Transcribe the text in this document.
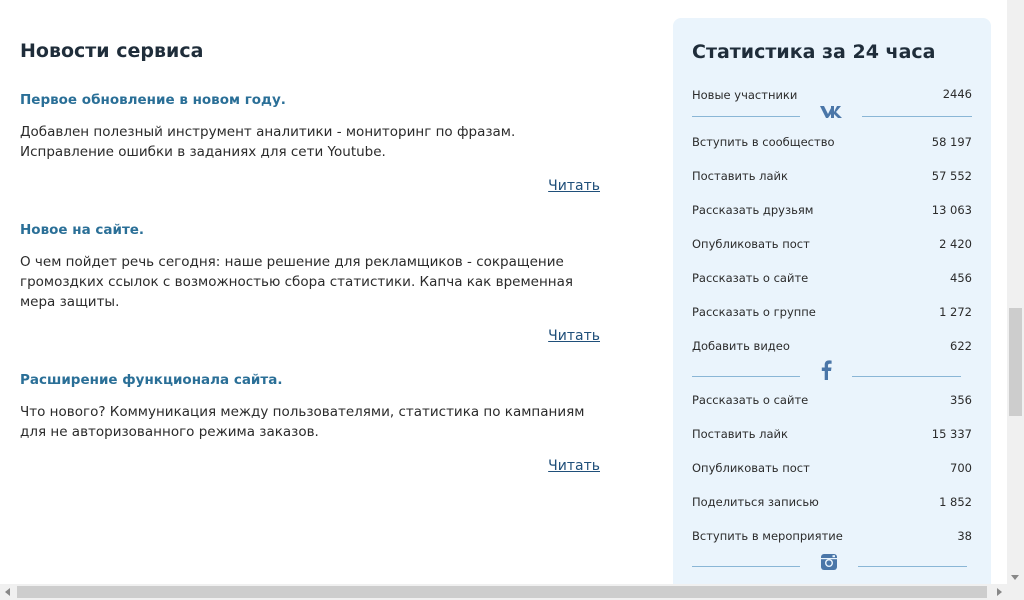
Новости сервиса

Первое обновление в новом году.

Добавлен полезный инструмент аналитики - мониторинг по фразам. Исправление ошибки в заданиях для сети Youtube.

Читать

Новое на сайте.

О чем пойдет речь сегодня: наше решение для рекламщиков - сокращение громоздких ссылок с возможностью сбора статистики. Капча как временная мера защиты.

Читать

Расширение функционала сайта.

Что нового? Коммуникация между пользователями, статистика по кампаниям для не авторизованного режима заказов.

Читать
Статистика за 24 часа
Новые участники	2446
Вступить в сообщество	58 197
Поставить лайк	57 552
Рассказать друзьям	13 063
Опубликовать пост	2 420
Рассказать о сайте	456
Рассказать о группе	1 272
Добавить видео	622
Рассказать о сайте	356
Поставить лайк	15 337
Опубликовать пост	700
Поделиться записью	1 852
Вступить в мероприятие	38
